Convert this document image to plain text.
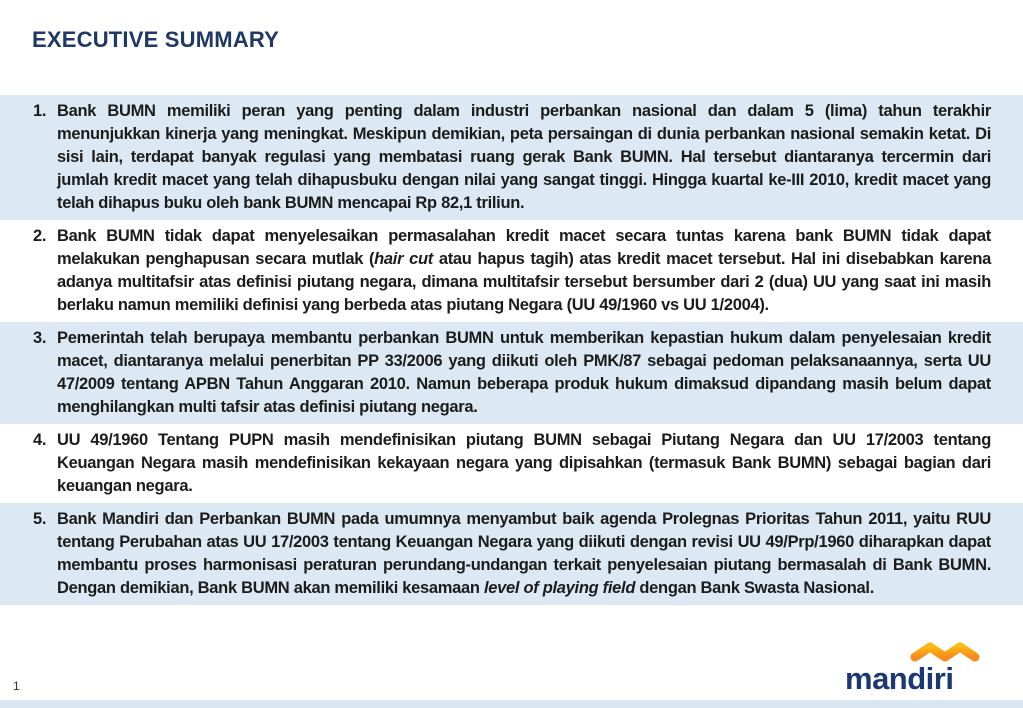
EXECUTIVE SUMMARY
1. Bank BUMN memiliki peran yang penting dalam industri perbankan nasional dan dalam 5 (lima) tahun terakhir menunjukkan kinerja yang meningkat. Meskipun demikian, peta persaingan di dunia perbankan nasional semakin ketat. Di sisi lain, terdapat banyak regulasi yang membatasi ruang gerak Bank BUMN. Hal tersebut diantaranya tercermin dari jumlah kredit macet yang telah dihapusbuku dengan nilai yang sangat tinggi. Hingga kuartal ke-III 2010, kredit macet yang telah dihapus buku oleh bank BUMN mencapai Rp 82,1 triliun.
2. Bank BUMN tidak dapat menyelesaikan permasalahan kredit macet secara tuntas karena bank BUMN tidak dapat melakukan penghapusan secara mutlak (hair cut atau hapus tagih) atas kredit macet tersebut. Hal ini disebabkan karena adanya multitafsir atas definisi piutang negara, dimana multitafsir tersebut bersumber dari 2 (dua) UU yang saat ini masih berlaku namun memiliki definisi yang berbeda atas piutang Negara (UU 49/1960 vs UU 1/2004).
3. Pemerintah telah berupaya membantu perbankan BUMN untuk memberikan kepastian hukum dalam penyelesaian kredit macet, diantaranya melalui penerbitan PP 33/2006 yang diikuti oleh PMK/87 sebagai pedoman pelaksanaannya, serta UU 47/2009 tentang APBN Tahun Anggaran 2010. Namun beberapa produk hukum dimaksud dipandang masih belum dapat menghilangkan multi tafsir atas definisi piutang negara.
4. UU 49/1960 Tentang PUPN masih mendefinisikan piutang BUMN sebagai Piutang Negara dan UU 17/2003 tentang Keuangan Negara masih mendefinisikan kekayaan negara yang dipisahkan (termasuk Bank BUMN) sebagai bagian dari keuangan negara.
5. Bank Mandiri dan Perbankan BUMN pada umumnya menyambut baik agenda Prolegnas Prioritas Tahun 2011, yaitu RUU tentang Perubahan atas UU 17/2003 tentang Keuangan Negara yang diikuti dengan revisi UU 49/Prp/1960 diharapkan dapat membantu proses harmonisasi peraturan perundang-undangan terkait penyelesaian piutang bermasalah di Bank BUMN. Dengan demikian, Bank BUMN akan memiliki kesamaan level of playing field dengan Bank Swasta Nasional.
1	mandiri
